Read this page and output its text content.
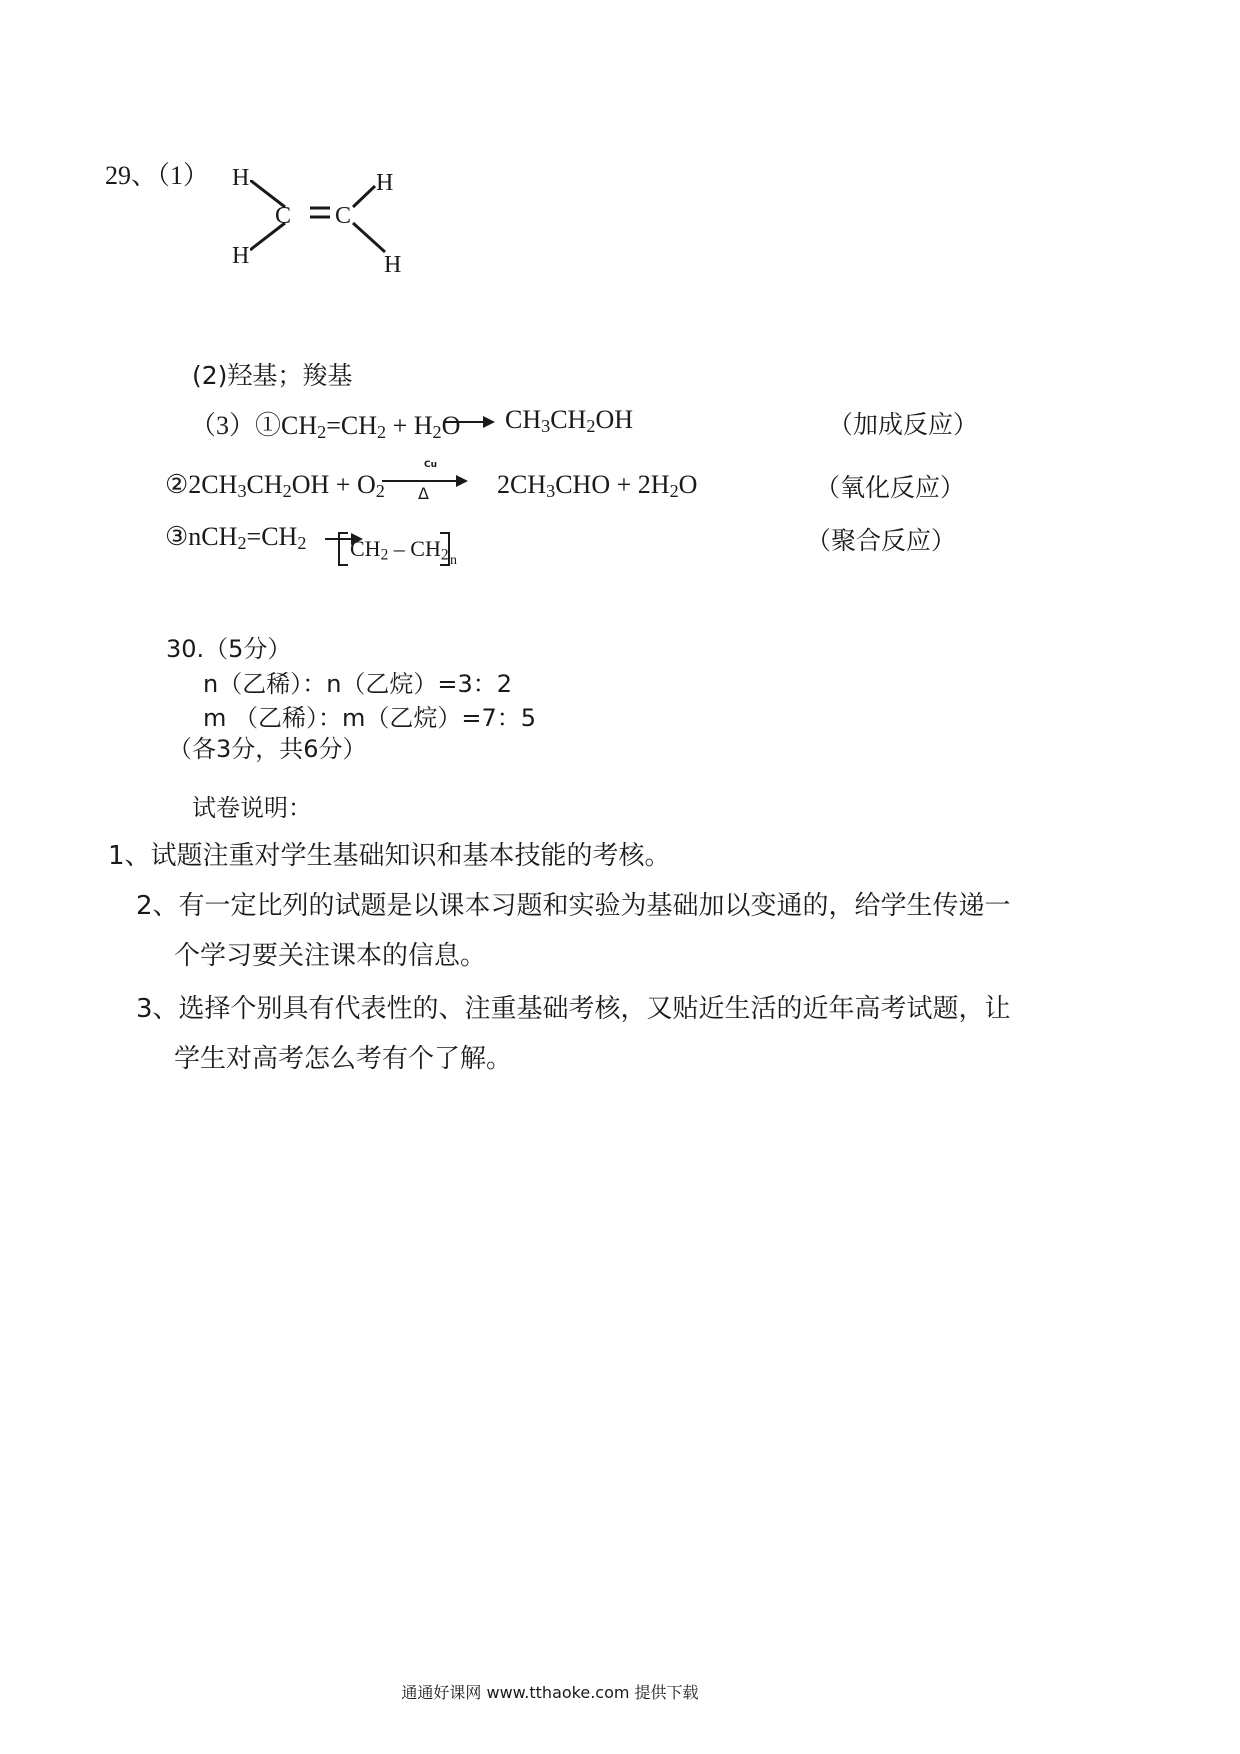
29、（1） H
H
C C
H
H
(2)羟基；羧基
$(3)①CH_2=CH_2 + H_2O$ $CH_3CH_2OH$	（加成反应）
$②2CH_3CH_2OH + O_2$
Cu
Δ	$2CH_3CHO + 2H_2O$	（氧化反应）
$③nCH_2=CH_2$ $CH_2 - CH_2$ n
（聚合反应）
30.（5分）
n（乙稀）：n（乙烷）=3：2
m （乙稀）：m（乙烷）=7：5
（各3分，共6分）
试卷说明：
1、试题注重对学生基础知识和基本技能的考核。
2、有一定比列的试题是以课本习题和实验为基础加以变通的，给学生传递一
个学习要关注课本的信息。
3、选择个别具有代表性的、注重基础考核，又贴近生活的近年高考试题，让
学生对高考怎么考有个了解。
通通好课网 www.tthaoke.com 提供下载
